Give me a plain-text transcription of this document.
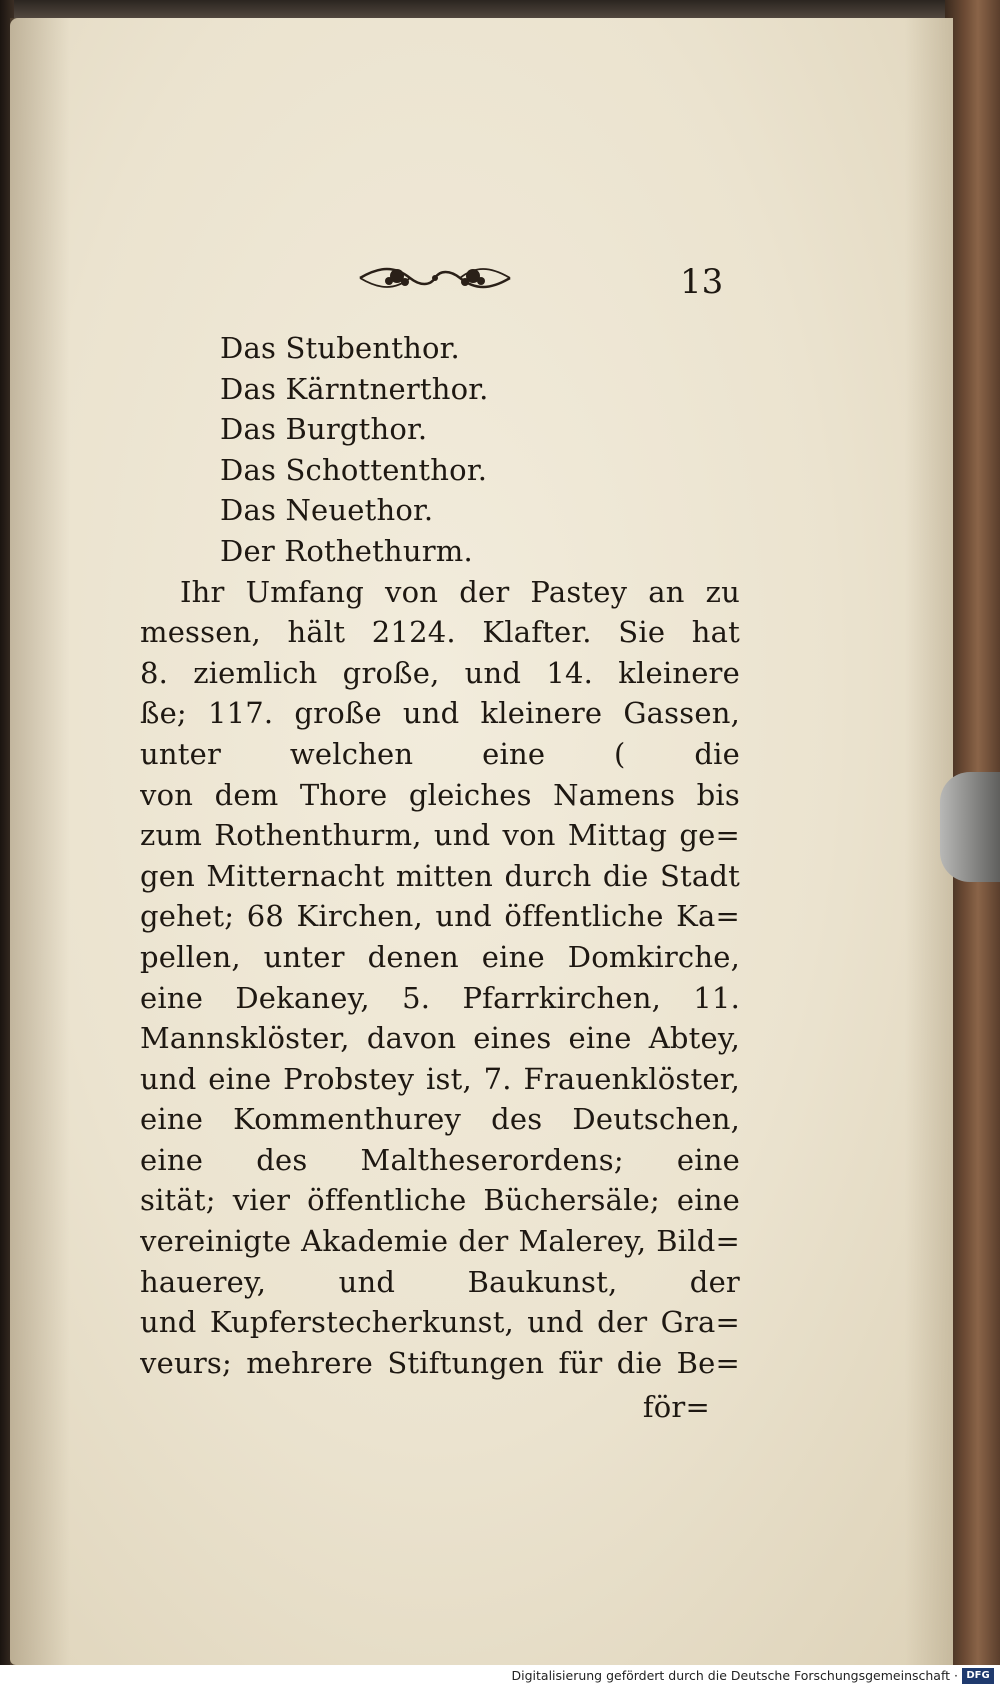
13
Das Stubenthor.
Das Kärntnerthor.
Das Burgthor.
Das Schottenthor.
Das Neuethor.
Der Rothethurm.
Ihr Umfang von der Pastey an zu
messen, hält 2124. Klafter. Sie hat
8. ziemlich große, und 14. kleinere
ße; 117. große und kleinere Gassen,
unter welchen eine ( die
von dem Thore gleiches Namens bis
zum Rothenthurm, und von Mittag ge=
gen Mitternacht mitten durch die Stadt
gehet; 68 Kirchen, und öffentliche Ka=
pellen, unter denen eine Domkirche,
eine Dekaney, 5. Pfarrkirchen, 11.
Mannsklöster, davon eines eine Abtey,
und eine Probstey ist, 7. Frauenklöster,
eine Kommenthurey des Deutschen,
eine des Maltheserordens; eine
sität; vier öffentliche Büchersäle; eine
vereinigte Akademie der Malerey, Bild=
hauerey, und Baukunst, der
und Kupferstecherkunst, und der Gra=
veurs; mehrere Stiftungen für die Be=
för=
Digitalisierung gefördert durch die Deutsche Forschungsgemeinschaft · DFG
